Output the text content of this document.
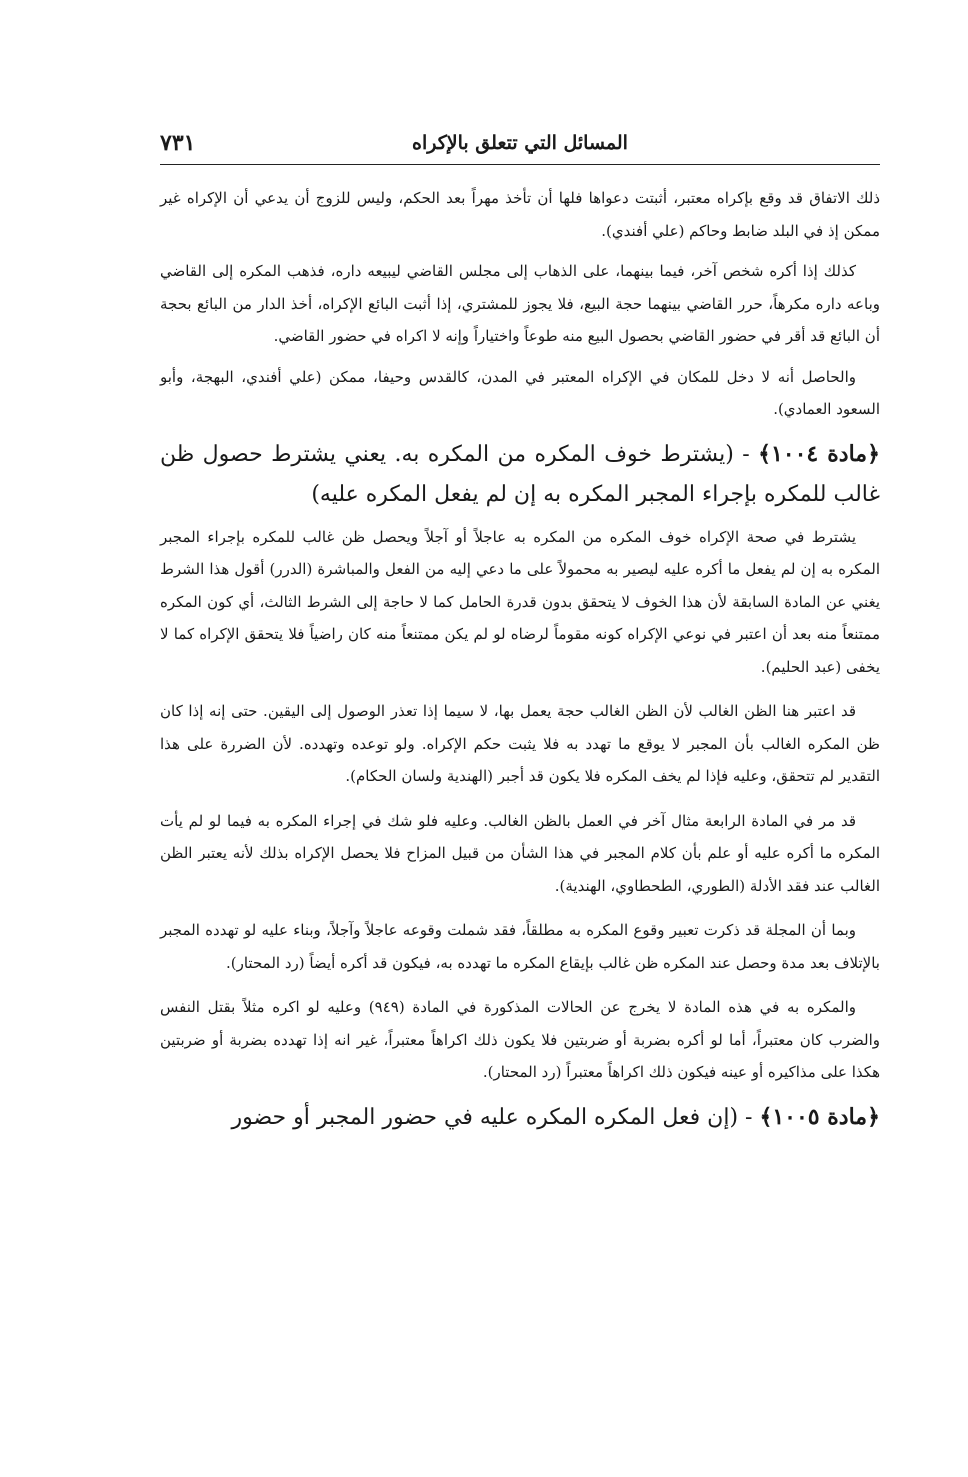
المسائل التي تتعلق بالإكراه
٧٣١

ذلك الاتفاق قد وقع بإكراه معتبر، أثبتت دعواها فلها أن تأخذ مهراً بعد الحكم، وليس للزوج أن يدعي أن الإكراه غير ممكن إذ في البلد ضابط وحاكم (علي أفندي).

كذلك إذا أكره شخص آخر، فيما بينهما، على الذهاب إلى مجلس القاضي ليبيعه داره، فذهب المكره إلى القاضي وباعه داره مكرهاً، حرر القاضي بينهما حجة البيع، فلا يجوز للمشتري، إذا أثبت البائع الإكراه، أخذ الدار من البائع بحجة أن البائع قد أقر في حضور القاضي بحصول البيع منه طوعاً واختياراً وإنه لا اكراه في حضور القاضي.

والحاصل أنه لا دخل للمكان في الإكراه المعتبر في المدن، كالقدس وحيفا، ممكن (علي أفندي، البهجة، وأبو السعود العمادي).

﴿مادة ١٠٠٤﴾ - (يشترط خوف المكره من المكره به. يعني يشترط حصول ظن غالب للمكره بإجراء المجبر المكره به إن لم يفعل المكره عليه)

يشترط في صحة الإكراه خوف المكره من المكره به عاجلاً أو آجلاً ويحصل ظن غالب للمكره بإجراء المجبر المكره به إن لم يفعل ما أكره عليه ليصير به محمولاً على ما دعي إليه من الفعل والمباشرة (الدرر) أقول هذا الشرط يغني عن المادة السابقة لأن هذا الخوف لا يتحقق بدون قدرة الحامل كما لا حاجة إلى الشرط الثالث، أي كون المكره ممتنعاً منه بعد أن اعتبر في نوعي الإكراه كونه مقوماً لرضاه لو لم يكن ممتنعاً منه كان راضياً فلا يتحقق الإكراه كما لا يخفى (عبد الحليم).

قد اعتبر هنا الظن الغالب لأن الظن الغالب حجة يعمل بها، لا سيما إذا تعذر الوصول إلى اليقين. حتى إنه إذا كان ظن المكره الغالب بأن المجبر لا يوقع ما تهدد به فلا يثبت حكم الإكراه. ولو توعده وتهدده. لأن الضررة على هذا التقدير لم تتحقق، وعليه فإذا لم يخف المكره فلا يكون قد أجبر (الهندية ولسان الحكام).

قد مر في المادة الرابعة مثال آخر في العمل بالظن الغالب. وعليه فلو شك في إجراء المكره به فيما لو لم يأت المكره ما أكره عليه أو علم بأن كلام المجبر في هذا الشأن من قبيل المزاح فلا يحصل الإكراه بذلك لأنه يعتبر الظن الغالب عند فقد الأدلة (الطوري، الطحطاوي، الهندية).

وبما أن المجلة قد ذكرت تعبير وقوع المكره به مطلقاً، فقد شملت وقوعه عاجلاً وآجلاً، وبناء عليه لو تهدده المجبر بالإتلاف بعد مدة وحصل عند المكره ظن غالب بإيقاع المكره ما تهدده به، فيكون قد أكره أيضاً (رد المحتار).

والمكره به في هذه المادة لا يخرج عن الحالات المذكورة في المادة (٩٤٩) وعليه لو اكره مثلاً بقتل النفس والضرب كان معتبراً، أما لو أكره بضربة أو ضربتين فلا يكون ذلك اكراهاً معتبراً، غير انه إذا تهدده بضربة أو ضربتين هكذا على مذاكيره أو عينه فيكون ذلك اكراهاً معتبراً (رد المحتار).

﴿مادة ١٠٠٥﴾ - (إن فعل المكره المكره عليه في حضور المجبر أو حضور
